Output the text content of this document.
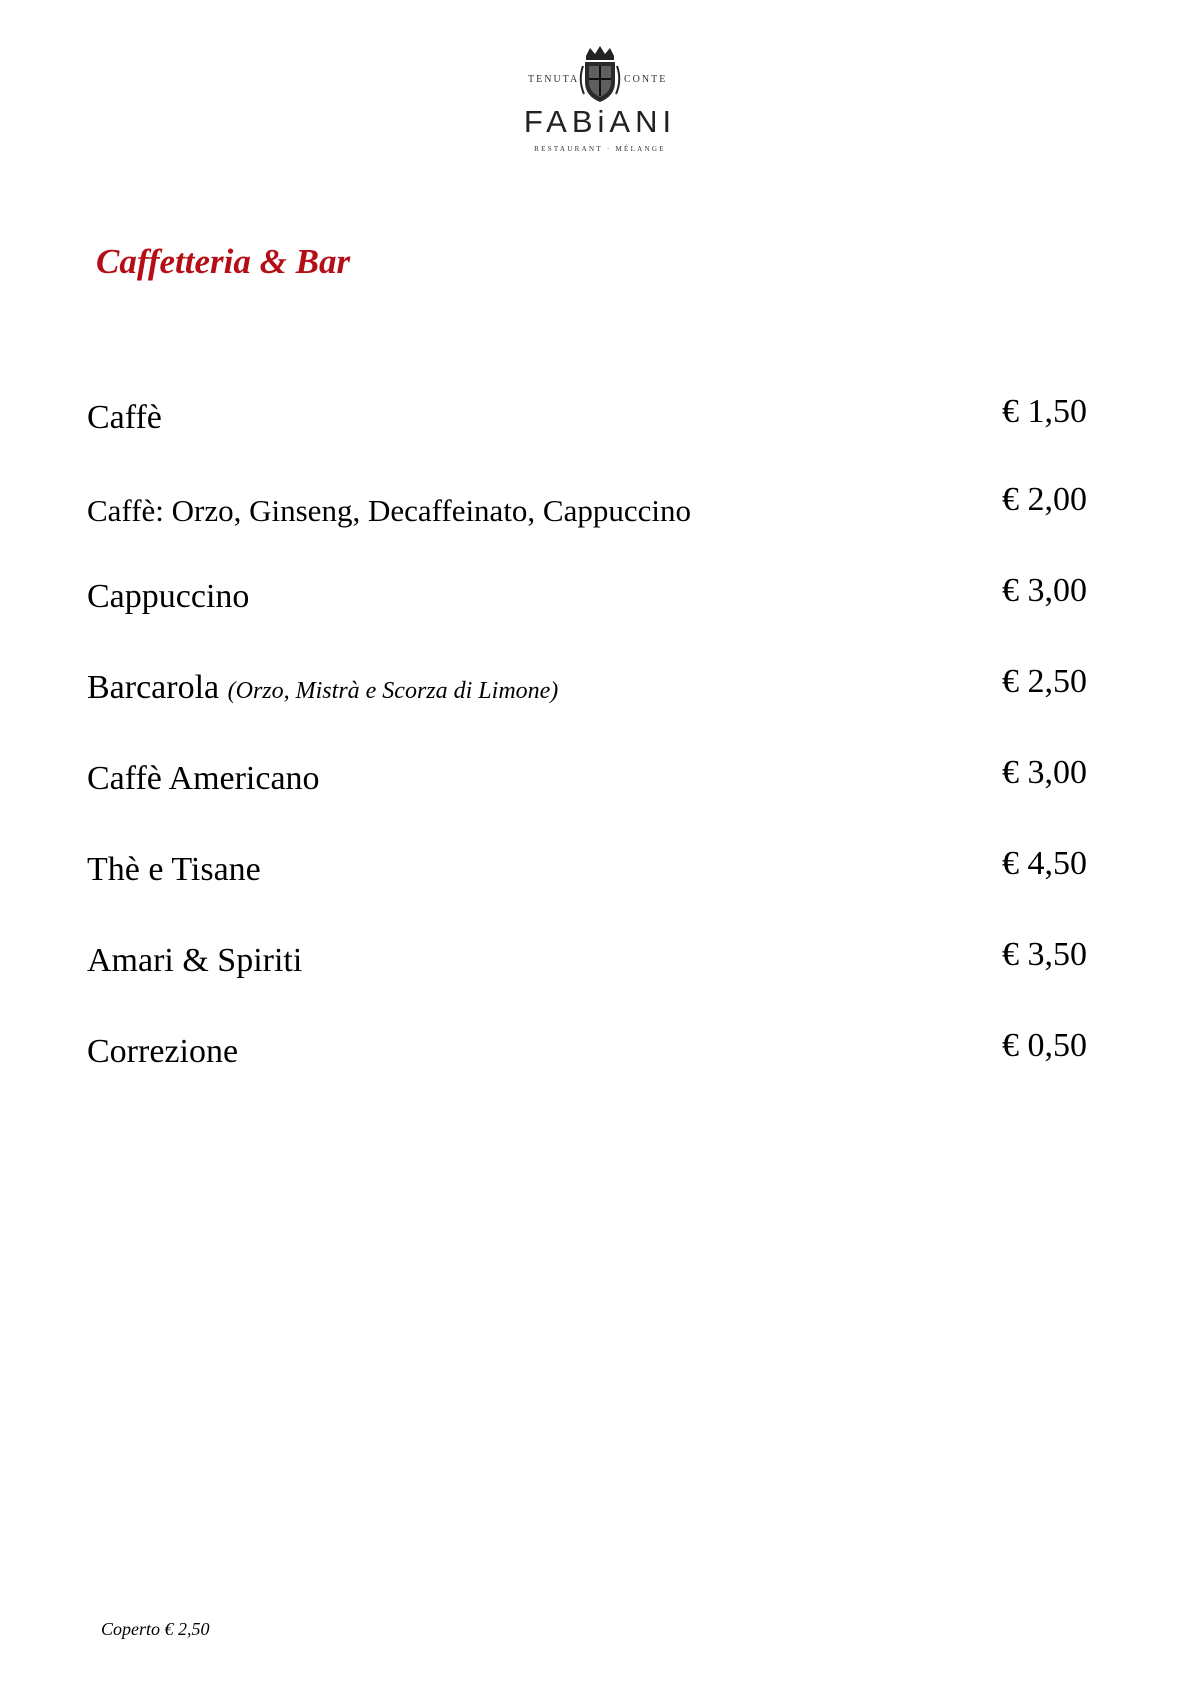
TENUTA	CONTE
FABiANI
RESTAURANT · MÉLANGE
Caffetteria & Bar
Caffè	€ 1,50
Caffè: Orzo, Ginseng, Decaffeinato, Cappuccino	€ 2,00
Cappuccino	€ 3,00
Barcarola (Orzo, Mistrà e Scorza di Limone)	€ 2,50
Caffè Americano	€ 3,00
Thè e Tisane	€ 4,50
Amari & Spiriti	€ 3,50
Correzione	€ 0,50
Coperto € 2,50
